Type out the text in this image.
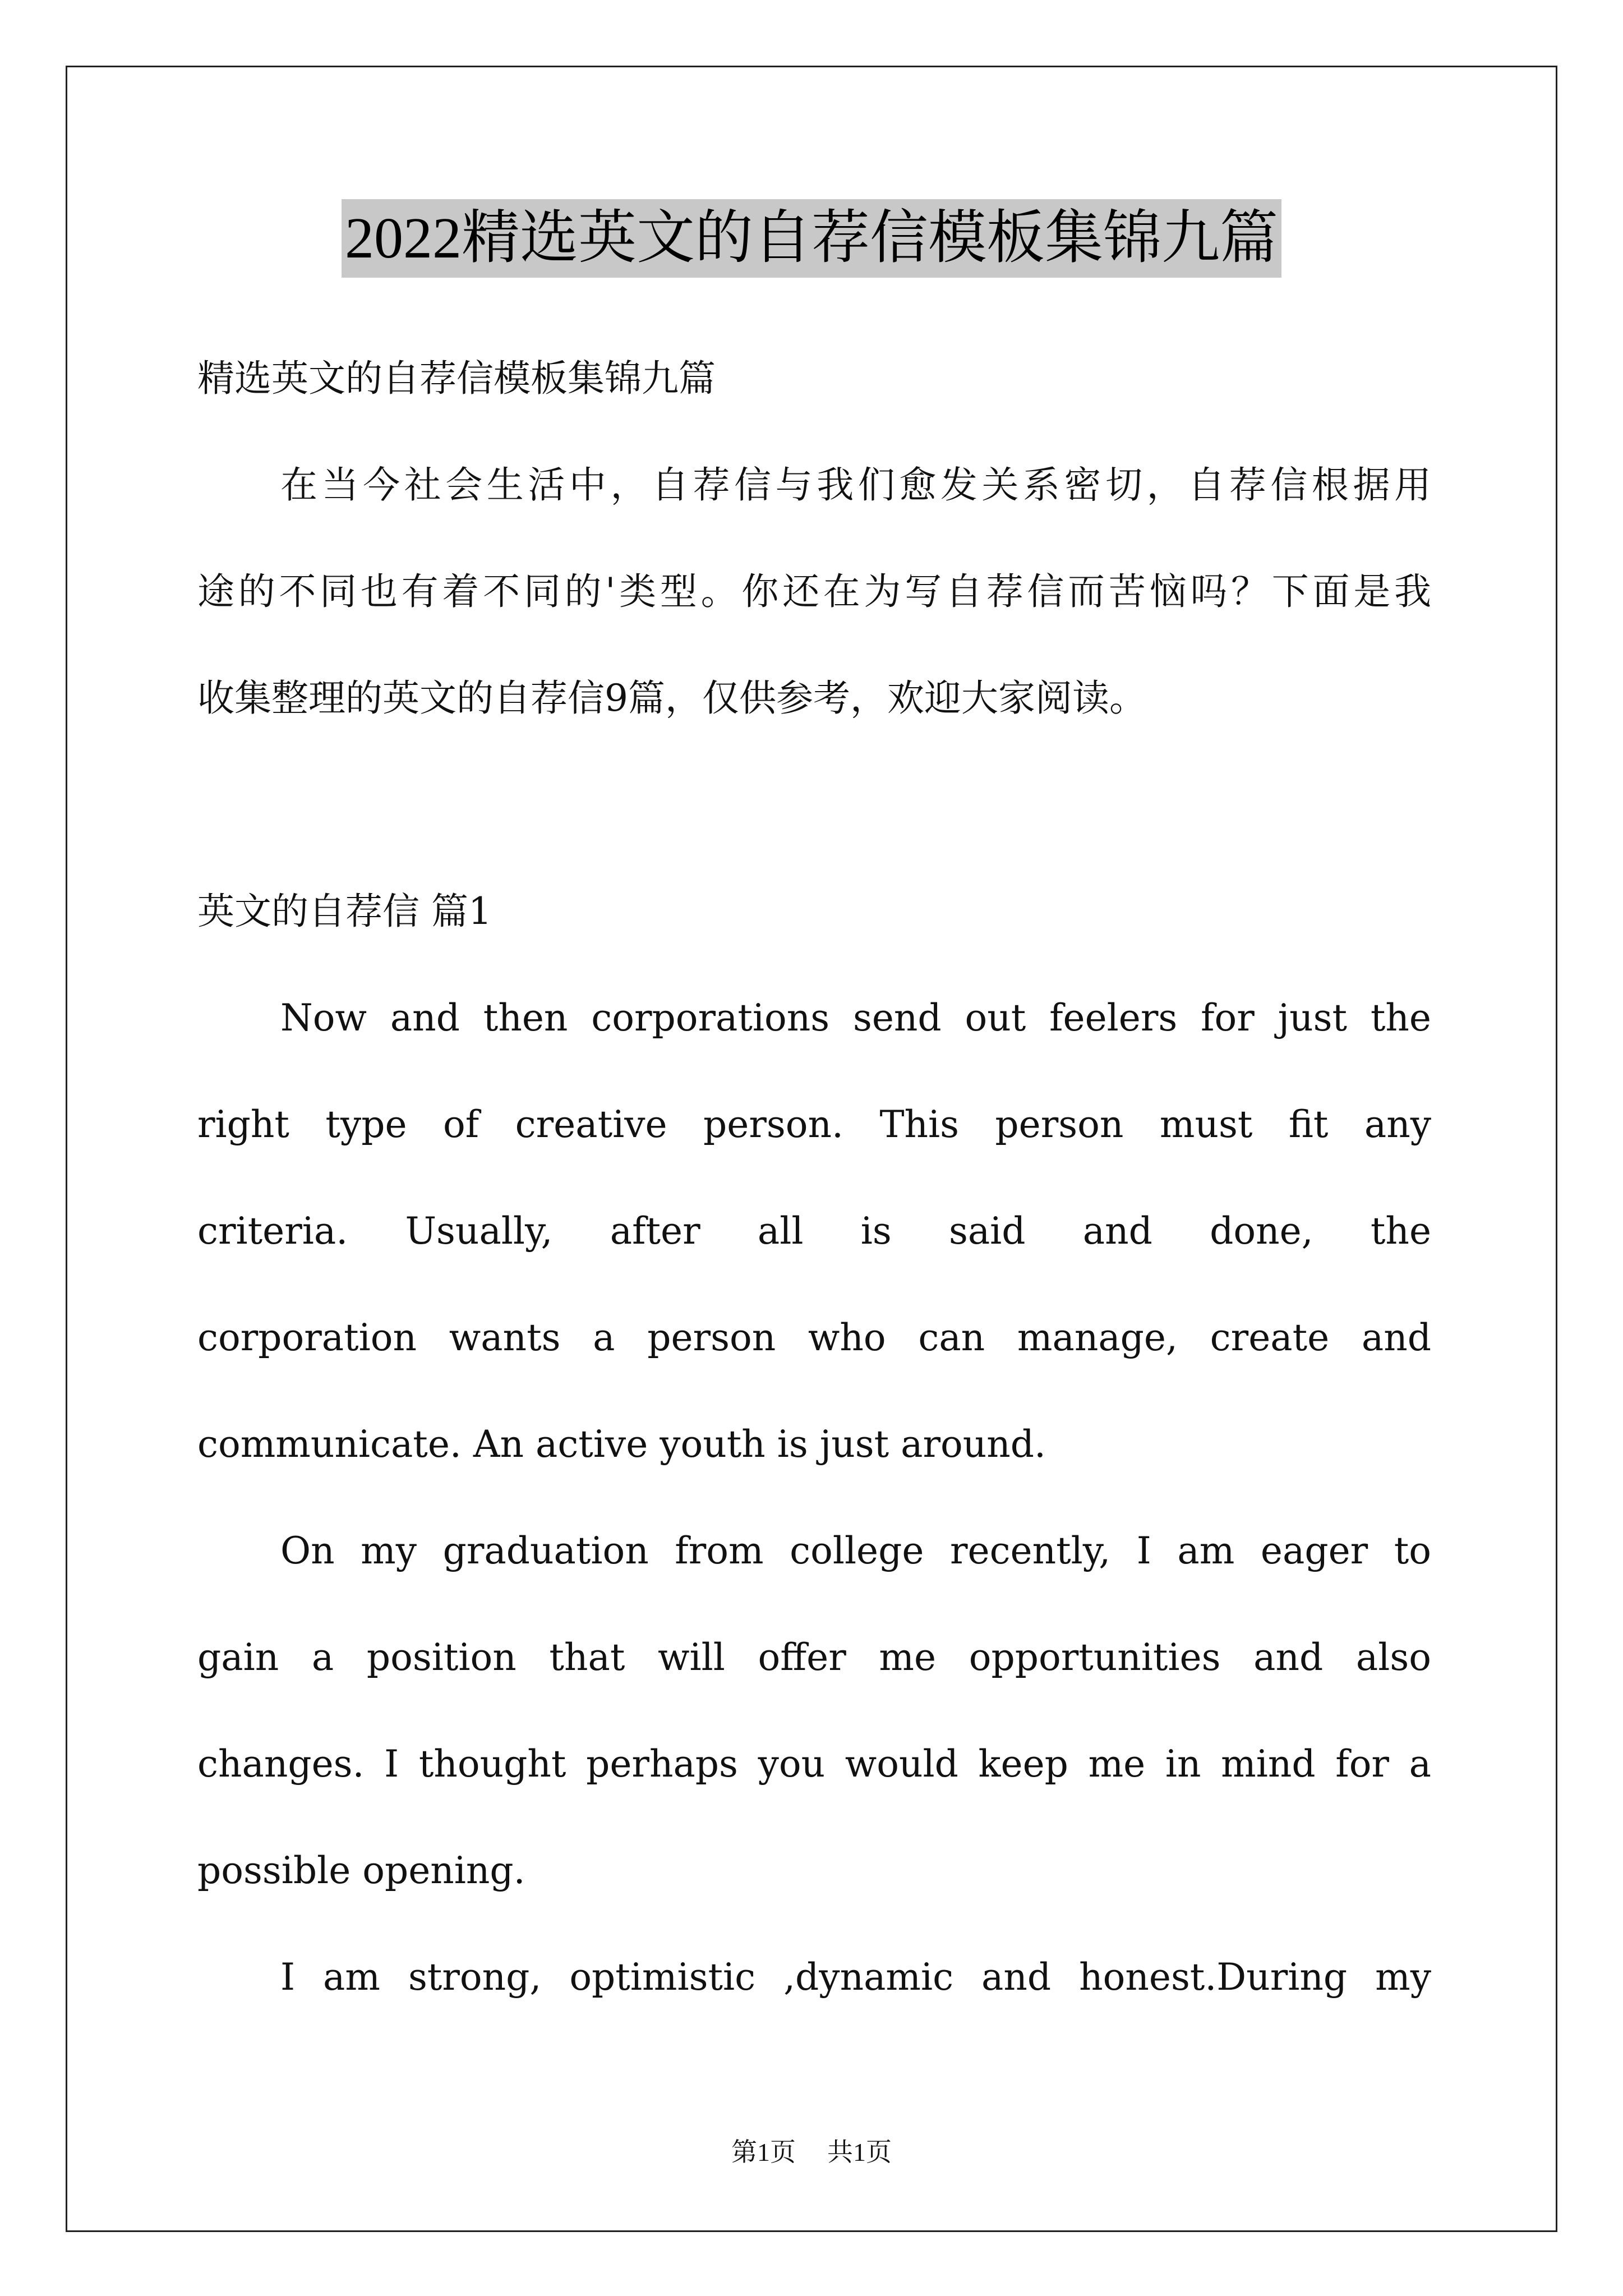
2022精选英文的自荐信模板集锦九篇
精选英文的自荐信模板集锦九篇
在当今社会生活中，自荐信与我们愈发关系密切，自荐信根据用
途的不同也有着不同的'类型。你还在为写自荐信而苦恼吗？下面是我
收集整理的英文的自荐信9篇，仅供参考，欢迎大家阅读。
英文的自荐信 篇1
Now and then corporations send out feelers for just the
right type of creative person. This person must fit any
criteria. Usually, after all is said and done, the
corporation wants a person who can manage, create and
communicate. An active youth is just around.
On my graduation from college recently, I am eager to
gain a position that will offer me opportunities and also
changes. I thought perhaps you would keep me in mind for a
possible opening.
I am strong, optimistic ,dynamic and honest.During my
第1页 共1页
